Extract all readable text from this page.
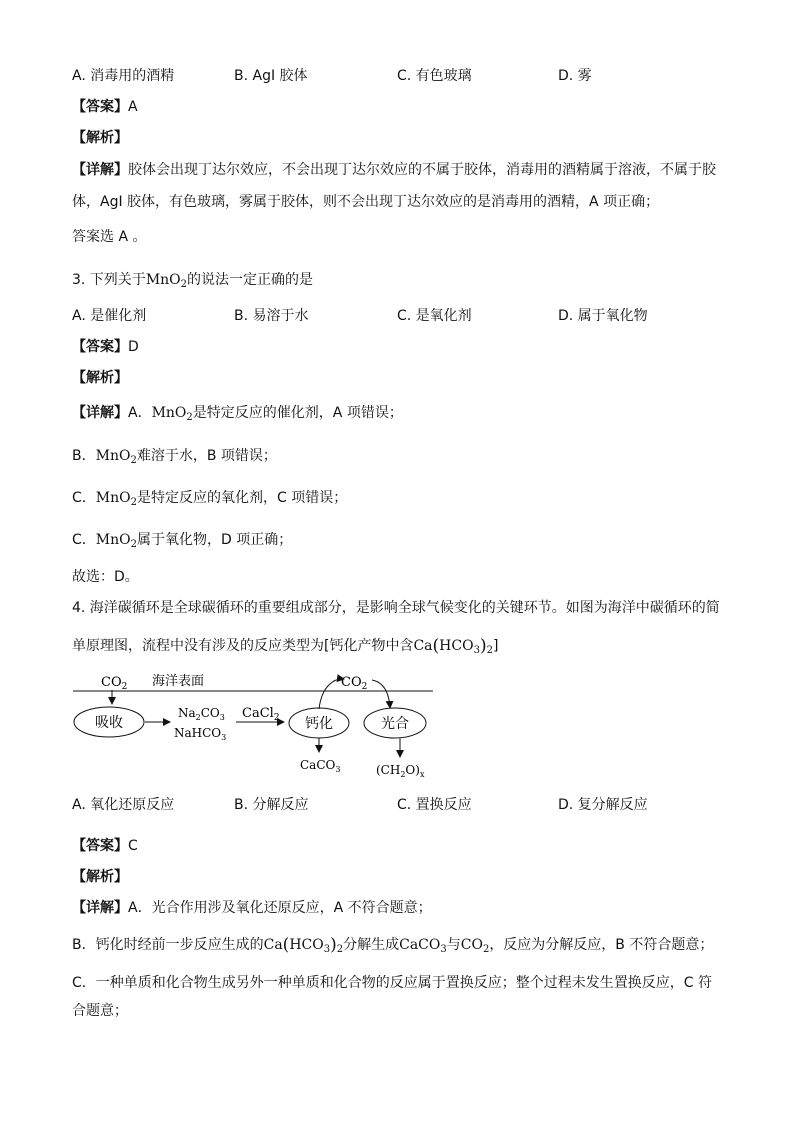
A. 消毒用的酒精	B. AgI 胶体	C. 有色玻璃	D. 雾
【答案】A
【解析】
【详解】胶体会出现丁达尔效应，不会出现丁达尔效应的不属于胶体，消毒用的酒精属于溶液，不属于胶
体，AgI 胶体，有色玻璃，雾属于胶体，则不会出现丁达尔效应的是消毒用的酒精，A 项正确；
答案选 A 。
3. 下列关于MnO$_2$的说法一定正确的是
A. 是催化剂	B. 易溶于水	C. 是氧化剂	D. 属于氧化物
【答案】D
【解析】
【详解】A．MnO$_2$是特定反应的催化剂，A 项错误；
B．MnO$_2$难溶于水，B 项错误；
C．MnO$_2$是特定反应的氧化剂，C 项错误；
C．MnO$_2$属于氧化物，D 项正确；
故选：D。
4. 海洋碳循环是全球碳循环的重要组成部分，是影响全球气候变化的关键环节。如图为海洋中碳循环的简
单原理图，流程中没有涉及的反应类型为[钙化产物中含$Ca(HCO_3)_2$]
$CO_2$ 海洋表面	$CO_2$
吸收
$Na_2CO_3$
NaHCO$_3$
CaCl$_2$ 钙化
CaCO$_3$
光合
$(CH_2O)_x$
A. 氧化还原反应	B. 分解反应	C. 置换反应	D. 复分解反应
【答案】C
【解析】
【详解】A．光合作用涉及氧化还原反应，A 不符合题意；
B．钙化时经前一步反应生成的$Ca(HCO_3)_2$分解生成CaCO$_3$与$CO_2$，反应为分解反应，B 不符合题意；
C．一种单质和化合物生成另外一种单质和化合物的反应属于置换反应；整个过程未发生置换反应，C 符
合题意；
